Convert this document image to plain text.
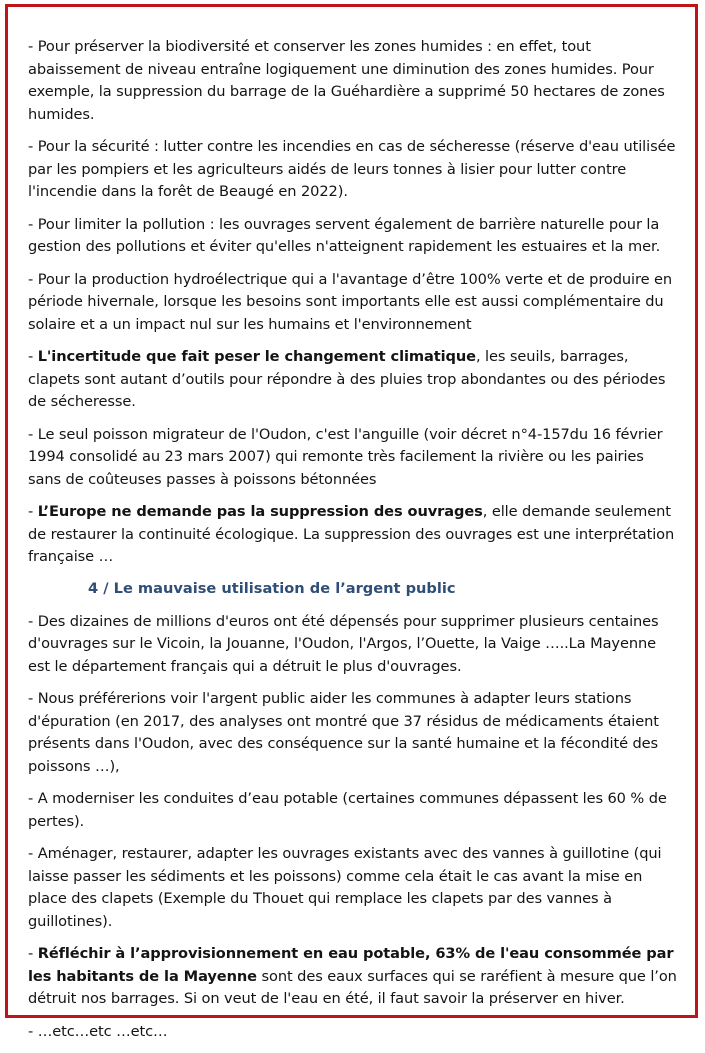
- Pour préserver la biodiversité et conserver les zones humides : en effet, tout abaissement de niveau entraîne logiquement une diminution des zones humides. Pour exemple, la suppression du barrage de la Guéhardière a supprimé 50 hectares de zones humides.

- Pour la sécurité : lutter contre les incendies en cas de sécheresse (réserve d'eau utilisée par les pompiers et les agriculteurs aidés de leurs tonnes à lisier pour lutter contre l'incendie dans la forêt de Beaugé en 2022).

- Pour limiter la pollution : les ouvrages servent également de barrière naturelle pour la gestion des pollutions et éviter qu'elles n'atteignent rapidement les estuaires et la mer.

- Pour la production hydroélectrique qui a l'avantage d’être 100% verte et de produire en période hivernale, lorsque les besoins sont importants elle est aussi complémentaire du solaire et a un impact nul sur les humains et l'environnement

- L'incertitude que fait peser le changement climatique, les seuils, barrages, clapets sont autant d’outils pour répondre à des pluies trop abondantes ou des périodes de sécheresse.

- Le seul poisson migrateur de l'Oudon, c'est l'anguille (voir décret n°4-157du 16 février 1994 consolidé au 23 mars 2007) qui remonte très facilement la rivière ou les pairies sans de coûteuses passes à poissons bétonnées

- L’Europe ne demande pas la suppression des ouvrages, elle demande seulement de restaurer la continuité écologique. La suppression des ouvrages est une interprétation française …

4 / Le mauvaise utilisation de l’argent public

- Des dizaines de millions d'euros ont été dépensés pour supprimer plusieurs centaines d'ouvrages sur le Vicoin, la Jouanne, l'Oudon, l'Argos, l’Ouette, la Vaige …..La Mayenne est le département français qui a détruit le plus d'ouvrages.

- Nous préférerions voir l'argent public aider les communes à adapter leurs stations d'épuration (en 2017, des analyses ont montré que 37 résidus de médicaments étaient présents dans l'Oudon, avec des conséquence sur la santé humaine et la fécondité des poissons …),

- A moderniser les conduites d’eau potable (certaines communes dépassent les 60 % de pertes).

- Aménager, restaurer, adapter les ouvrages existants avec des vannes à guillotine (qui laisse passer les sédiments et les poissons) comme cela était le cas avant la mise en place des clapets (Exemple du Thouet qui remplace les clapets par des vannes à guillotines).

- Réfléchir à l’approvisionnement en eau potable, 63% de l'eau consommée par les habitants de la Mayenne sont des eaux surfaces qui se raréfient à mesure que l’on détruit nos barrages. Si on veut de l'eau en été, il faut savoir la préserver en hiver.

- …etc…etc …etc…
